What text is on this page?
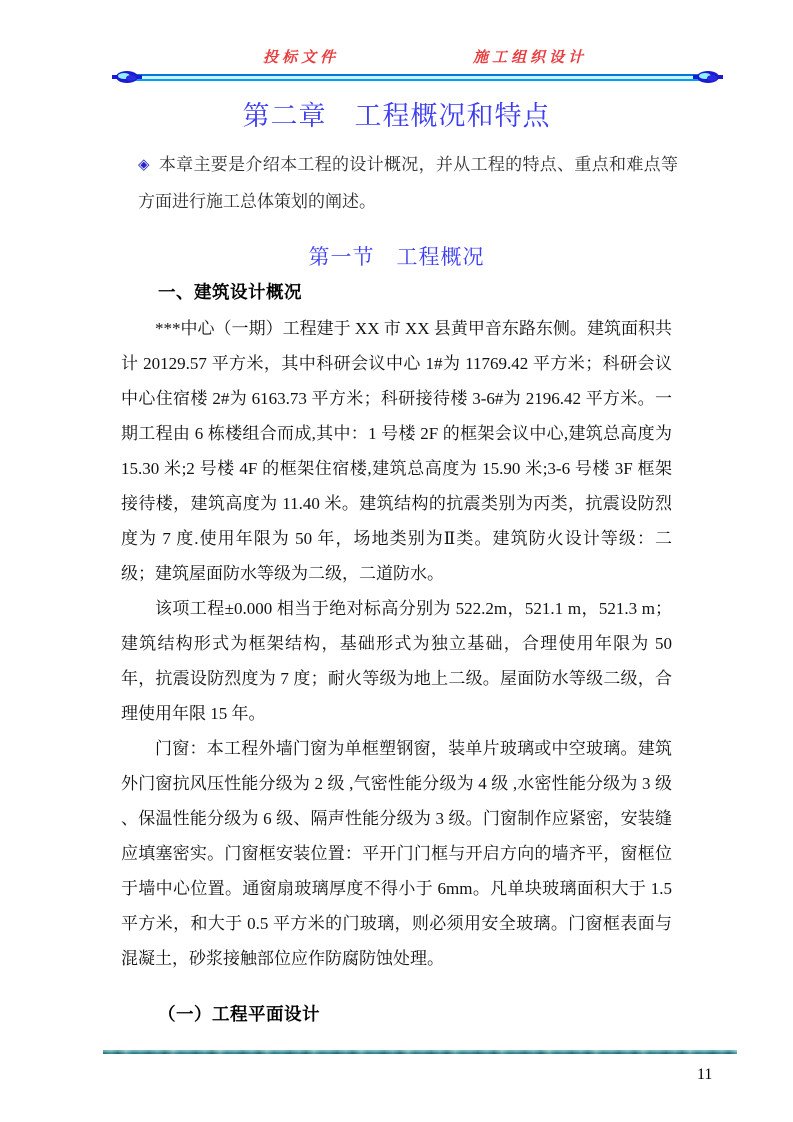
投标文件	施工组织设计
第二章　工程概况和特点
◈ 本章主要是介绍本工程的设计概况，并从工程的特点、重点和难点等方面进行施工总体策划的阐述。
第一节　工程概况
一、建筑设计概况

***中心（一期）工程建于 XX 市 XX 县黄甲音东路东侧。建筑面积共计 20129.57 平方米，其中科研会议中心 1#为 11769.42 平方米；科研会议中心住宿楼 2#为 6163.73 平方米；科研接待楼 3-6#为 2196.42 平方米。一期工程由 6 栋楼组合而成,其中：1 号楼 2F 的框架会议中心,建筑总高度为 15.30 米;2 号楼 4F 的框架住宿楼,建筑总高度为 15.90 米;3-6 号楼 3F 框架接待楼，建筑高度为 11.40 米。建筑结构的抗震类别为丙类，抗震设防烈度为 7 度.使用年限为 50 年，场地类别为Ⅱ类。建筑防火设计等级：二级；建筑屋面防水等级为二级，二道防水。

该项工程±0.000 相当于绝对标高分别为 522.2m，521.1 m，521.3 m；建筑结构形式为框架结构，基础形式为独立基础，合理使用年限为 50 年，抗震设防烈度为 7 度；耐火等级为地上二级。屋面防水等级二级，合理使用年限 15 年。

门窗：本工程外墙门窗为单框塑钢窗，装单片玻璃或中空玻璃。建筑外门窗抗风压性能分级为 2 级 ,气密性能分级为 4 级 ,水密性能分级为 3 级 、保温性能分级为 6 级、隔声性能分级为 3 级。门窗制作应紧密，安装缝应填塞密实。门窗框安装位置：平开门门框与开启方向的墙齐平，窗框位于墙中心位置。通窗扇玻璃厚度不得小于 6mm。凡单块玻璃面积大于 1.5 平方米，和大于 0.5 平方米的门玻璃，则必须用安全玻璃。门窗框表面与混凝土，砂浆接触部位应作防腐防蚀处理。

（一）工程平面设计
11
